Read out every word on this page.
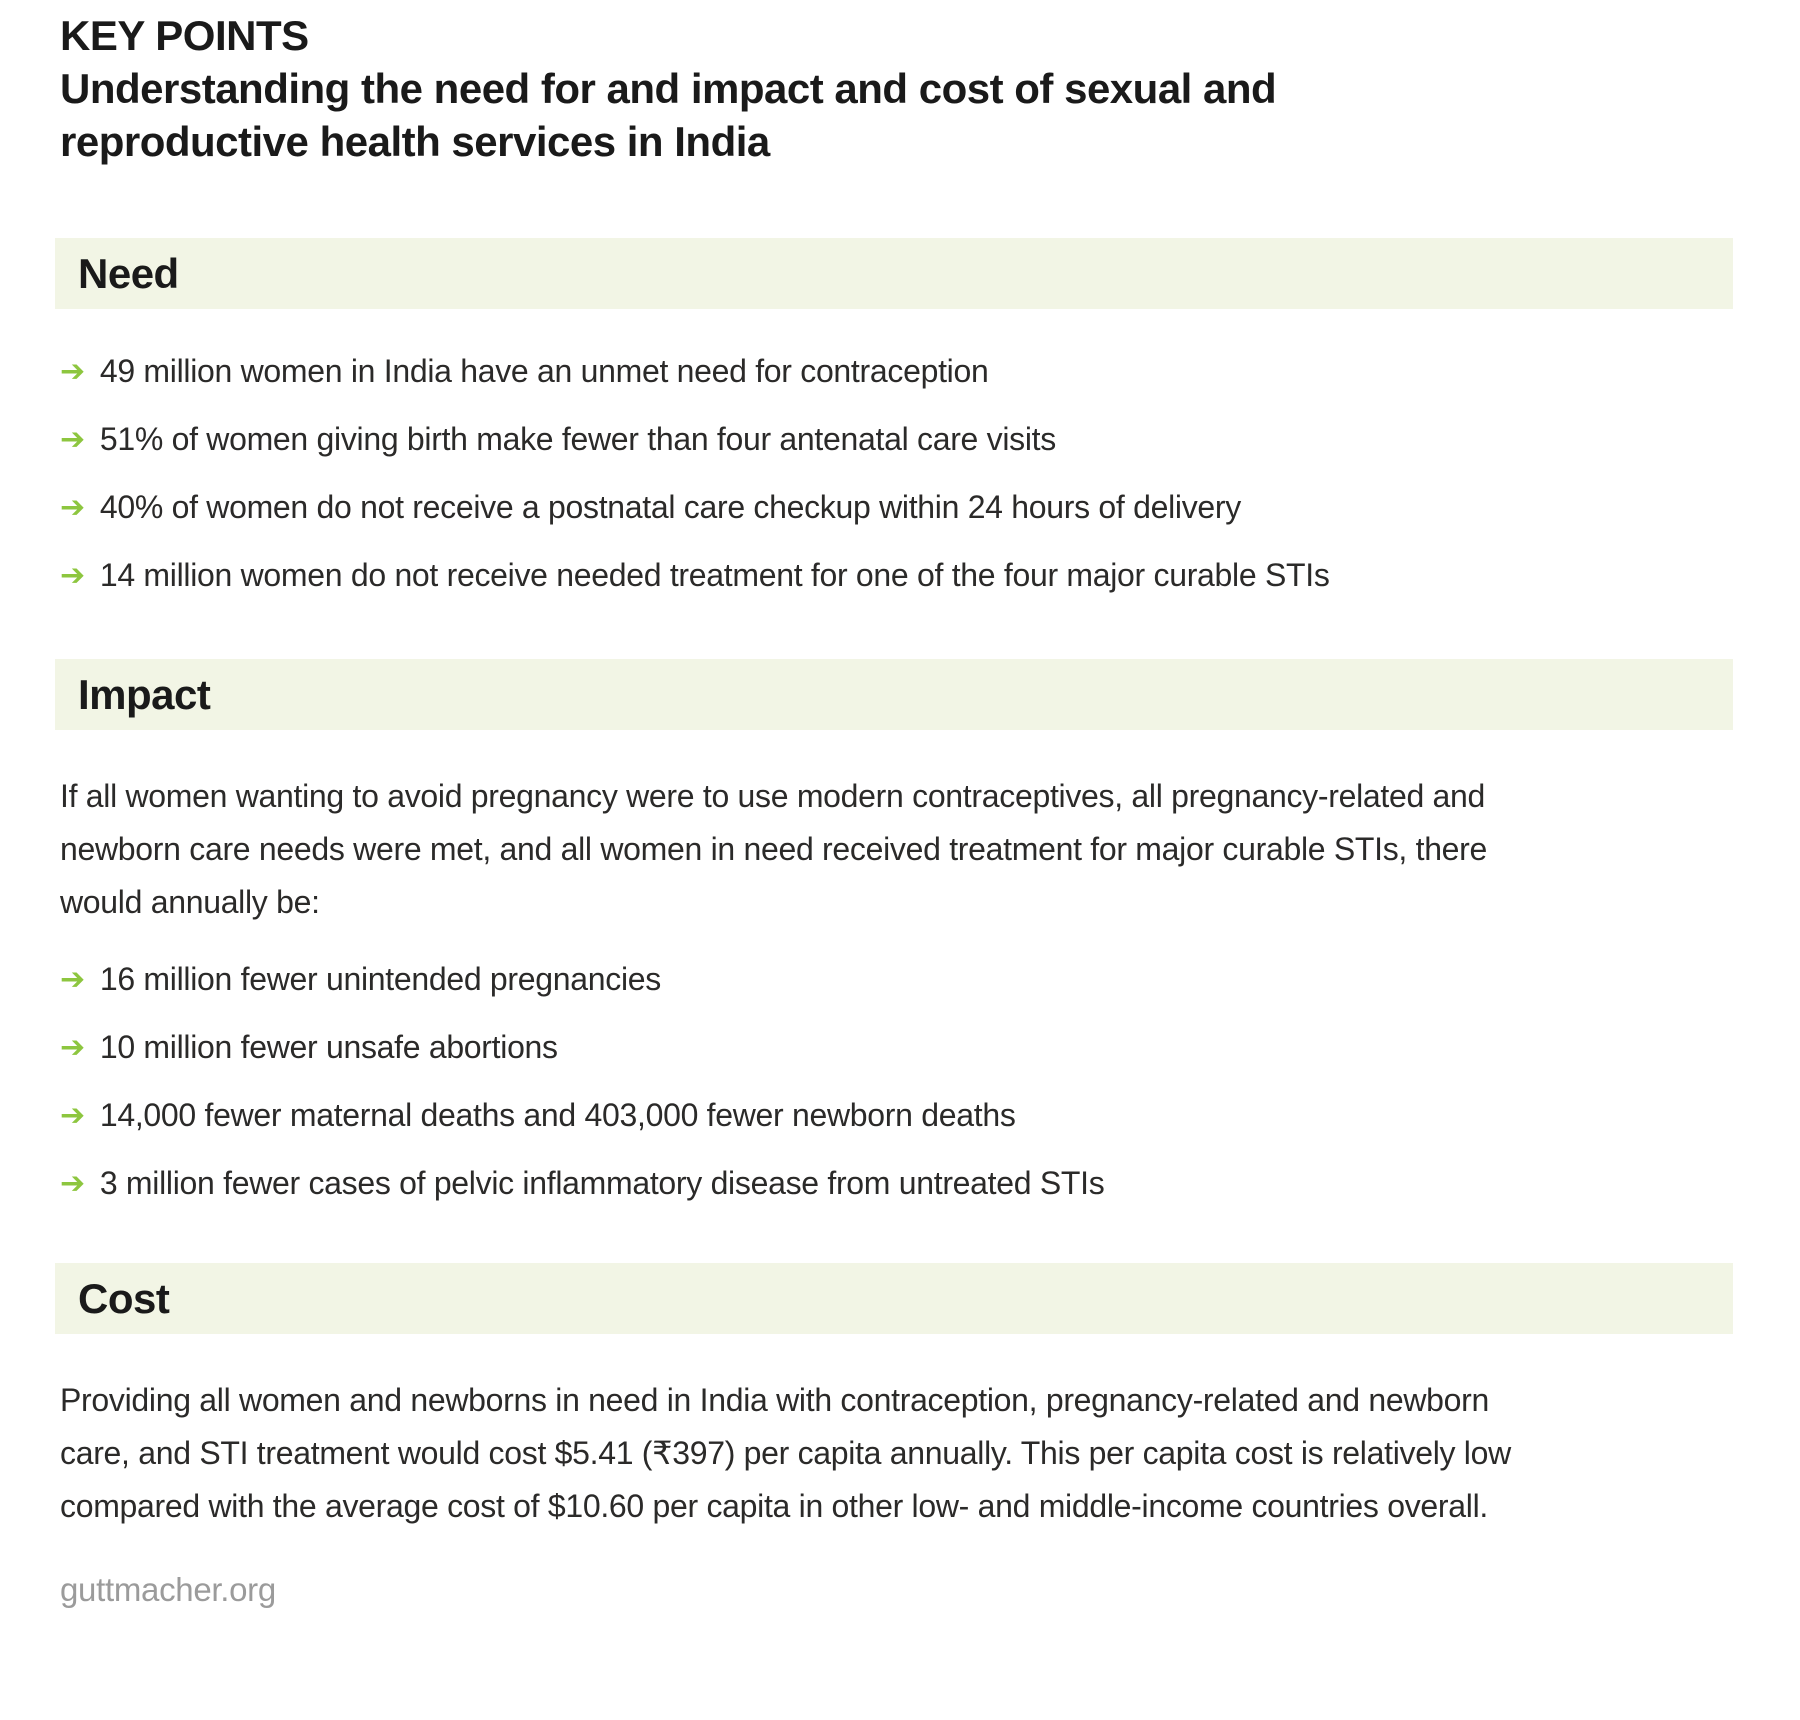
KEY POINTS
Understanding the need for and impact and cost of sexual and reproductive health services in India
Need
➔ 49 million women in India have an unmet need for contraception
➔ 51% of women giving birth make fewer than four antenatal care visits
➔ 40% of women do not receive a postnatal care checkup within 24 hours of delivery
➔ 14 million women do not receive needed treatment for one of the four major curable STIs
Impact

If all women wanting to avoid pregnancy were to use modern contraceptives, all pregnancy-related and newborn care needs were met, and all women in need received treatment for major curable STIs, there would annually be:

➔ 16 million fewer unintended pregnancies
➔ 10 million fewer unsafe abortions
➔ 14,000 fewer maternal deaths and 403,000 fewer newborn deaths
➔ 3 million fewer cases of pelvic inflammatory disease from untreated STIs
Cost

Providing all women and newborns in need in India with contraception, pregnancy-related and newborn care, and STI treatment would cost $5.41 (₹397) per capita annually. This per capita cost is relatively low compared with the average cost of $10.60 per capita in other low- and middle-income countries overall.

guttmacher.org
